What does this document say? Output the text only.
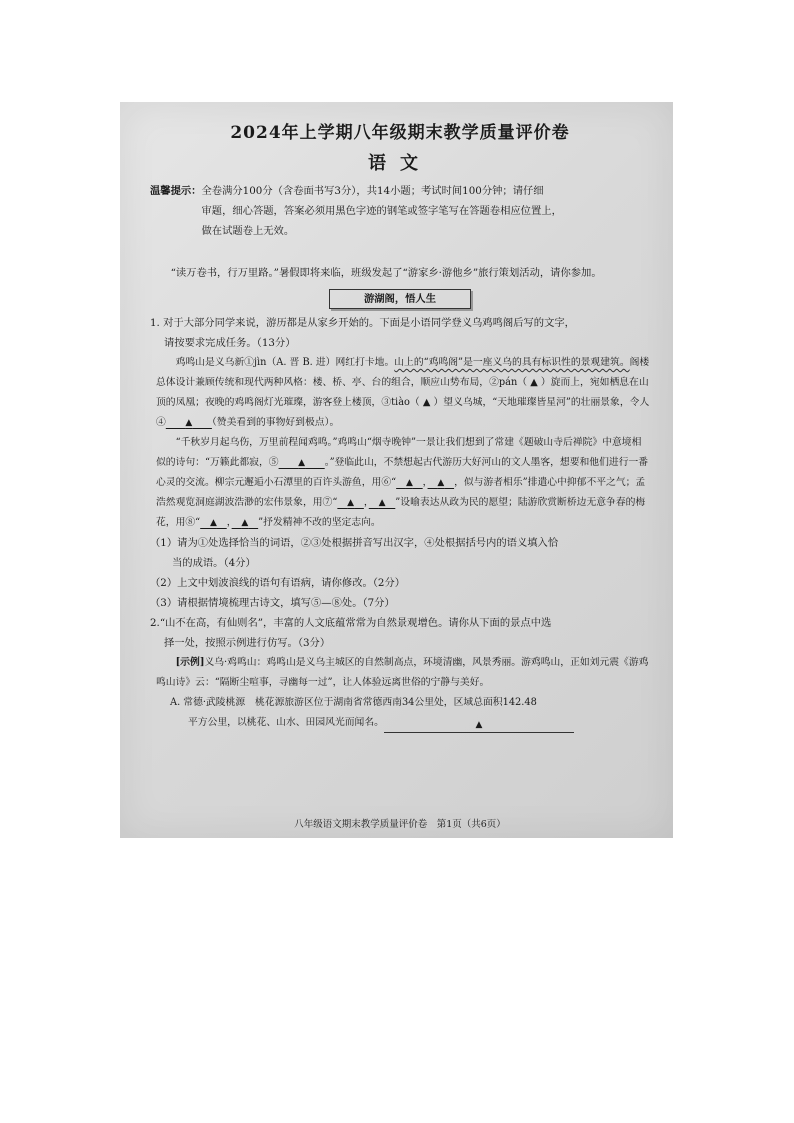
2024年上学期八年级期末教学质量评价卷
语文
温馨提示： 全卷满分100分（含卷面书写3分），共14小题；考试时间100分钟；请仔细
审题，细心答题，答案必须用黑色字迹的钢笔或签字笔写在答题卷相应位置上，
做在试题卷上无效。

“读万卷书，行万里路。”暑假即将来临，班级发起了“游家乡·游他乡”旅行策划活动，请你参加。

游湖阁，悟人生

1. 对于大部分同学来说，游历都是从家乡开始的。下面是小语同学登义乌鸡鸣阁后写的文字，
请按要求完成任务。（13分）

鸡鸣山是义乌新①jìn（A. 晋 B. 进）网红打卡地。山上的“鸡鸣阁”是一座义乌的具有标识性的景观建筑。阁楼总体设计兼顾传统和现代两种风格：楼、桥、亭、台的组合，顺应山势布局，②pán（ ▲ ）旋而上，宛如栖息在山顶的凤凰；夜晚的鸡鸣阁灯光璀璨，游客登上楼顶，③tiào（ ▲ ）望义乌城，“天地璀璨皆星河”的壮丽景象，令人④　　 ▲　　 （赞美看到的事物好到极点）。

“千秋岁月起乌伤，万里前程闻鸡鸣。”鸡鸣山“烟寺晚钟”一景让我们想到了常建《题破山寺后禅院》中意境相似的诗句：“万籁此都寂，⑤　　 ▲　　 。”登临此山，不禁想起古代游历大好河山的文人墨客，想要和他们进行一番心灵的交流。柳宗元邂逅小石潭里的百许头游鱼，用⑥“　 ▲　 ，　 ▲　 ，似与游者相乐”排遣心中抑郁不平之气；孟浩然观览洞庭湖波浩渺的宏伟景象，用⑦“　 ▲　 ，　 ▲　 ”设喻表达从政为民的愿望；陆游欣赏断桥边无意争春的梅花，用⑧“　 ▲　 ，　 ▲　 ”抒发精神不改的坚定志向。

（1）请为①处选择恰当的词语，②③处根据拼音写出汉字，④处根据括号内的语义填入恰
当的成语。（4分）
（2）上文中划波浪线的语句有语病，请你修改。（2分）
（3）请根据情境梳理古诗文，填写⑤—⑧处。（7分）

2.“山不在高，有仙则名”，丰富的人文底蕴常常为自然景观增色。请你从下面的景点中选
择一处，按照示例进行仿写。（3分）

[示例]义乌·鸡鸣山：鸡鸣山是义乌主城区的自然制高点，环境清幽，风景秀丽。游鸡鸣山，正如刘元震《游鸡鸣山诗》云：“隔断尘喧事，寻幽每一过”，让人体验远离世俗的宁静与美好。

A. 常德·武陵桃源　桃花源旅游区位于湖南省常德西南34公里处，区域总面积142.48
平方公里，以桃花、山水、田园风光而闻名。	▲
八年级语文期末教学质量评价卷　第1页（共6页）
